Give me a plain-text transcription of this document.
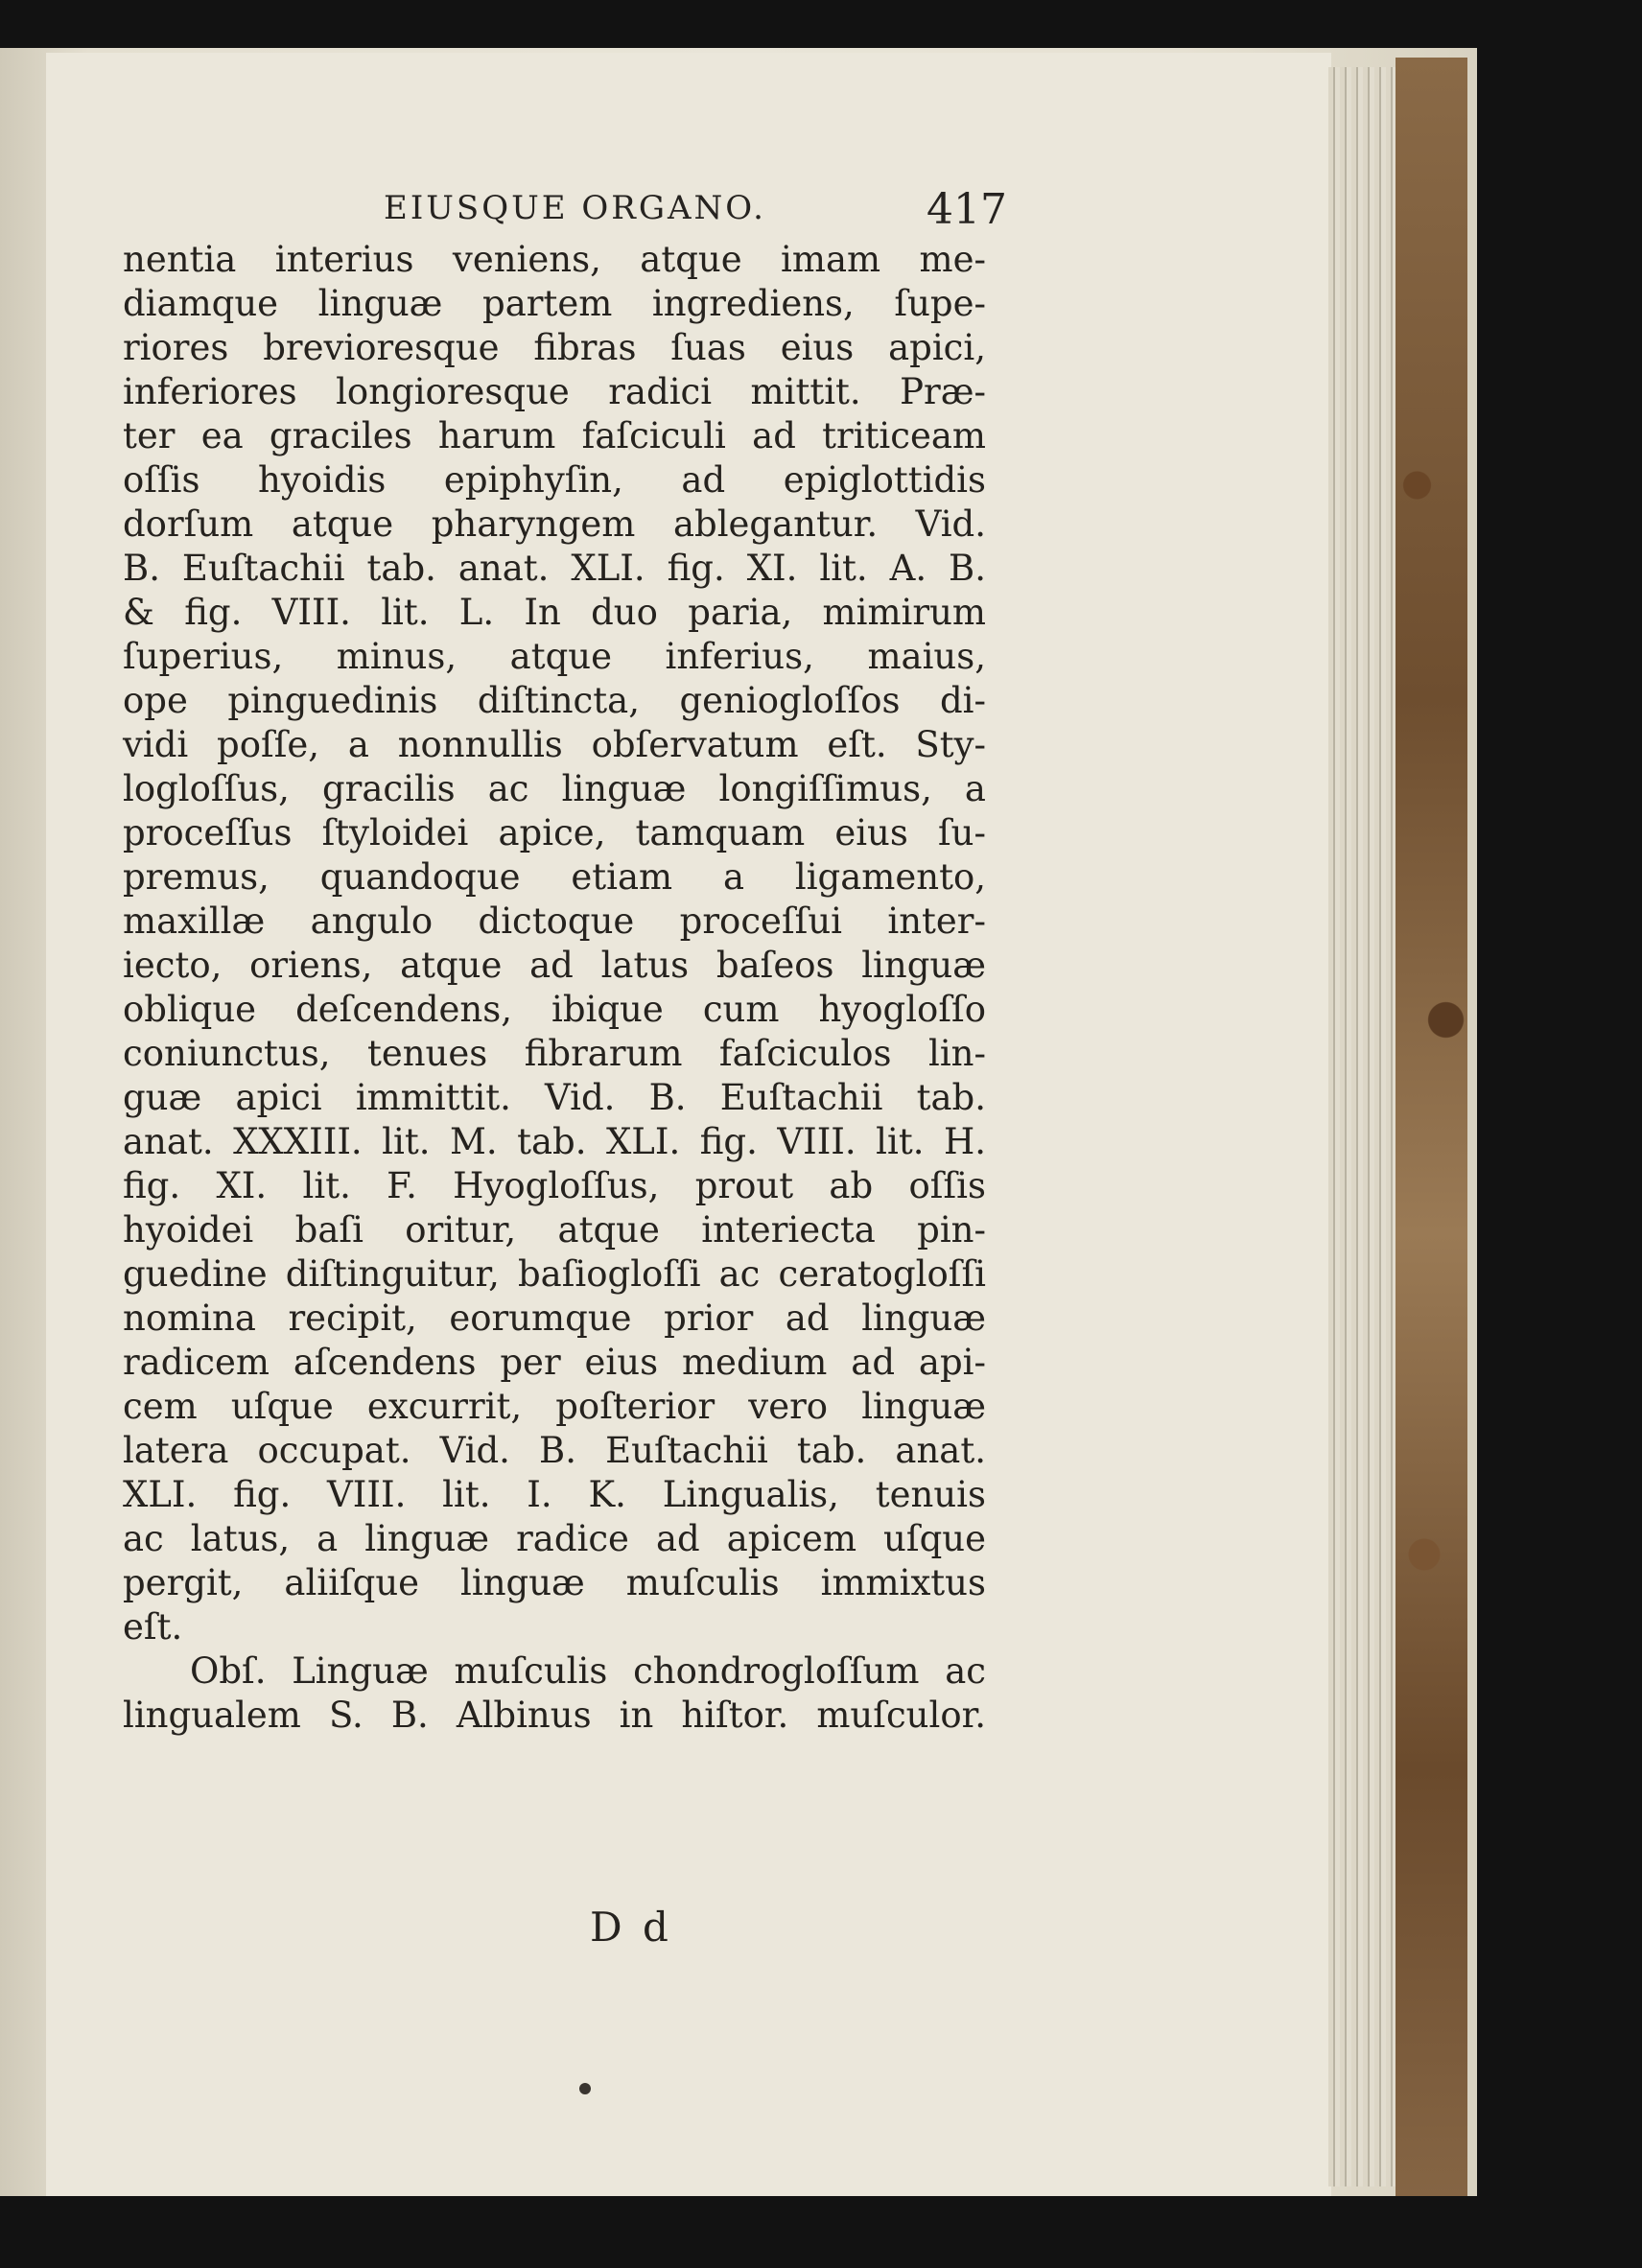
EIUSQUE ORGANO.	417
nentia interius veniens, atque imam me-
diamque linguæ partem ingrediens, ſupe-
riores brevioresque fibras ſuas eius apici,
inferiores longioresque radici mittit. Præ-
ter ea graciles harum faſciculi ad triticeam
oſſis hyoidis epiphyſin, ad epiglottidis
dorſum atque pharyngem ablegantur. Vid.
B. Euſtachii tab. anat. XLI. fig. XI. lit. A. B.
& fig. VIII. lit. L. In duo paria, mimirum
ſuperius, minus, atque inferius, maius,
ope pinguedinis diſtincta, geniogloſſos di-
vidi poſſe, a nonnullis obſervatum eſt. Sty-
logloſſus, gracilis ac linguæ longiſſimus, a
proceſſus ſtyloidei apice, tamquam eius ſu-
premus, quandoque etiam a ligamento,
maxillæ angulo dictoque proceſſui inter-
iecto, oriens, atque ad latus baſeos linguæ
oblique deſcendens, ibique cum hyogloſſo
coniunctus, tenues fibrarum faſciculos lin-
guæ apici immittit. Vid. B. Euſtachii tab.
anat. XXXIII. lit. M. tab. XLI. fig. VIII. lit. H.
fig. XI. lit. F. Hyogloſſus, prout ab oſſis
hyoidei baſi oritur, atque interiecta pin-
guedine diſtinguitur, baſiogloſſi ac ceratogloſſi
nomina recipit, eorumque prior ad linguæ
radicem aſcendens per eius medium ad api-
cem uſque excurrit, poſterior vero linguæ
latera occupat. Vid. B. Euſtachii tab. anat.
XLI. fig. VIII. lit. I. K. Lingualis, tenuis
ac latus, a linguæ radice ad apicem uſque
pergit, aliiſque linguæ muſculis immixtus
eſt.
Obſ. Linguæ muſculis chondrogloſſum ac
lingualem S. B. Albinus in hiſtor. muſculor.
D d
